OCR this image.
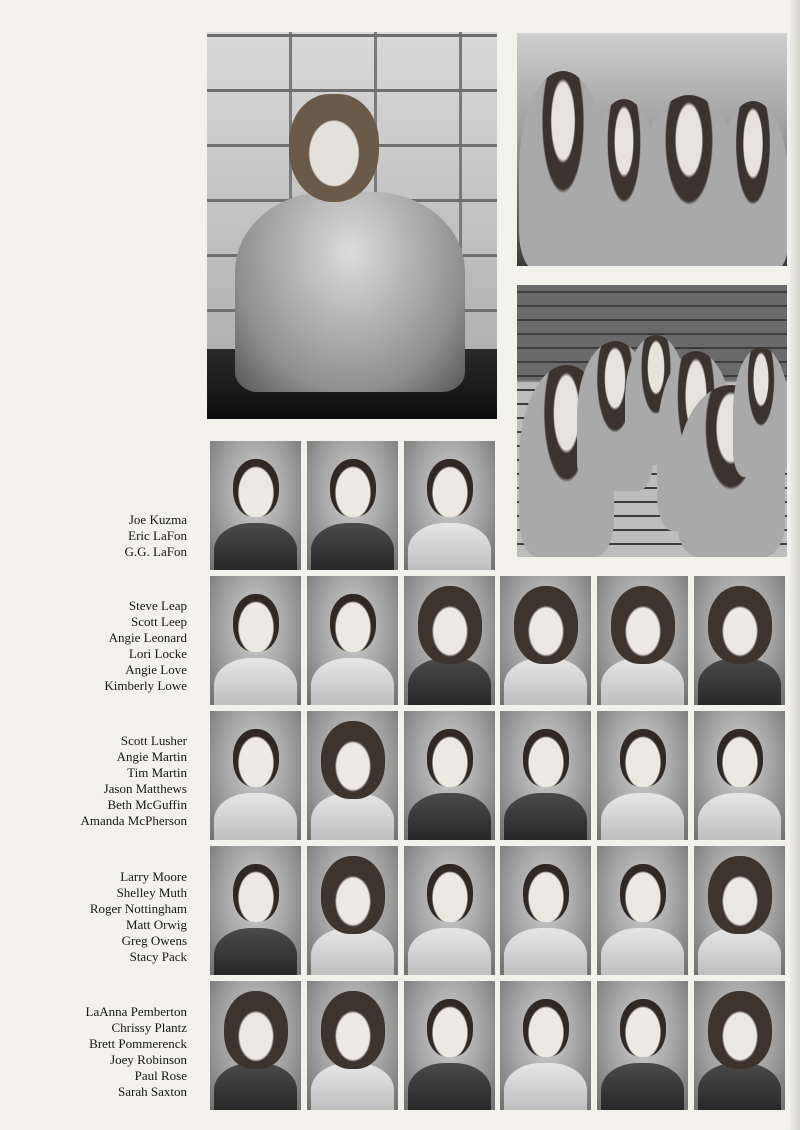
Joe Kuzma
Eric LaFon
G.G. LaFon
Steve Leap
Scott Leep
Angie Leonard
Lori Locke
Angie Love
Kimberly Lowe
Scott Lusher
Angie Martin
Tim Martin
Jason Matthews
Beth McGuffin
Amanda McPherson
Larry Moore
Shelley Muth
Roger Nottingham
Matt Orwig
Greg Owens
Stacy Pack
LaAnna Pemberton
Chrissy Plantz
Brett Pommerenck
Joey Robinson
Paul Rose
Sarah Saxton
